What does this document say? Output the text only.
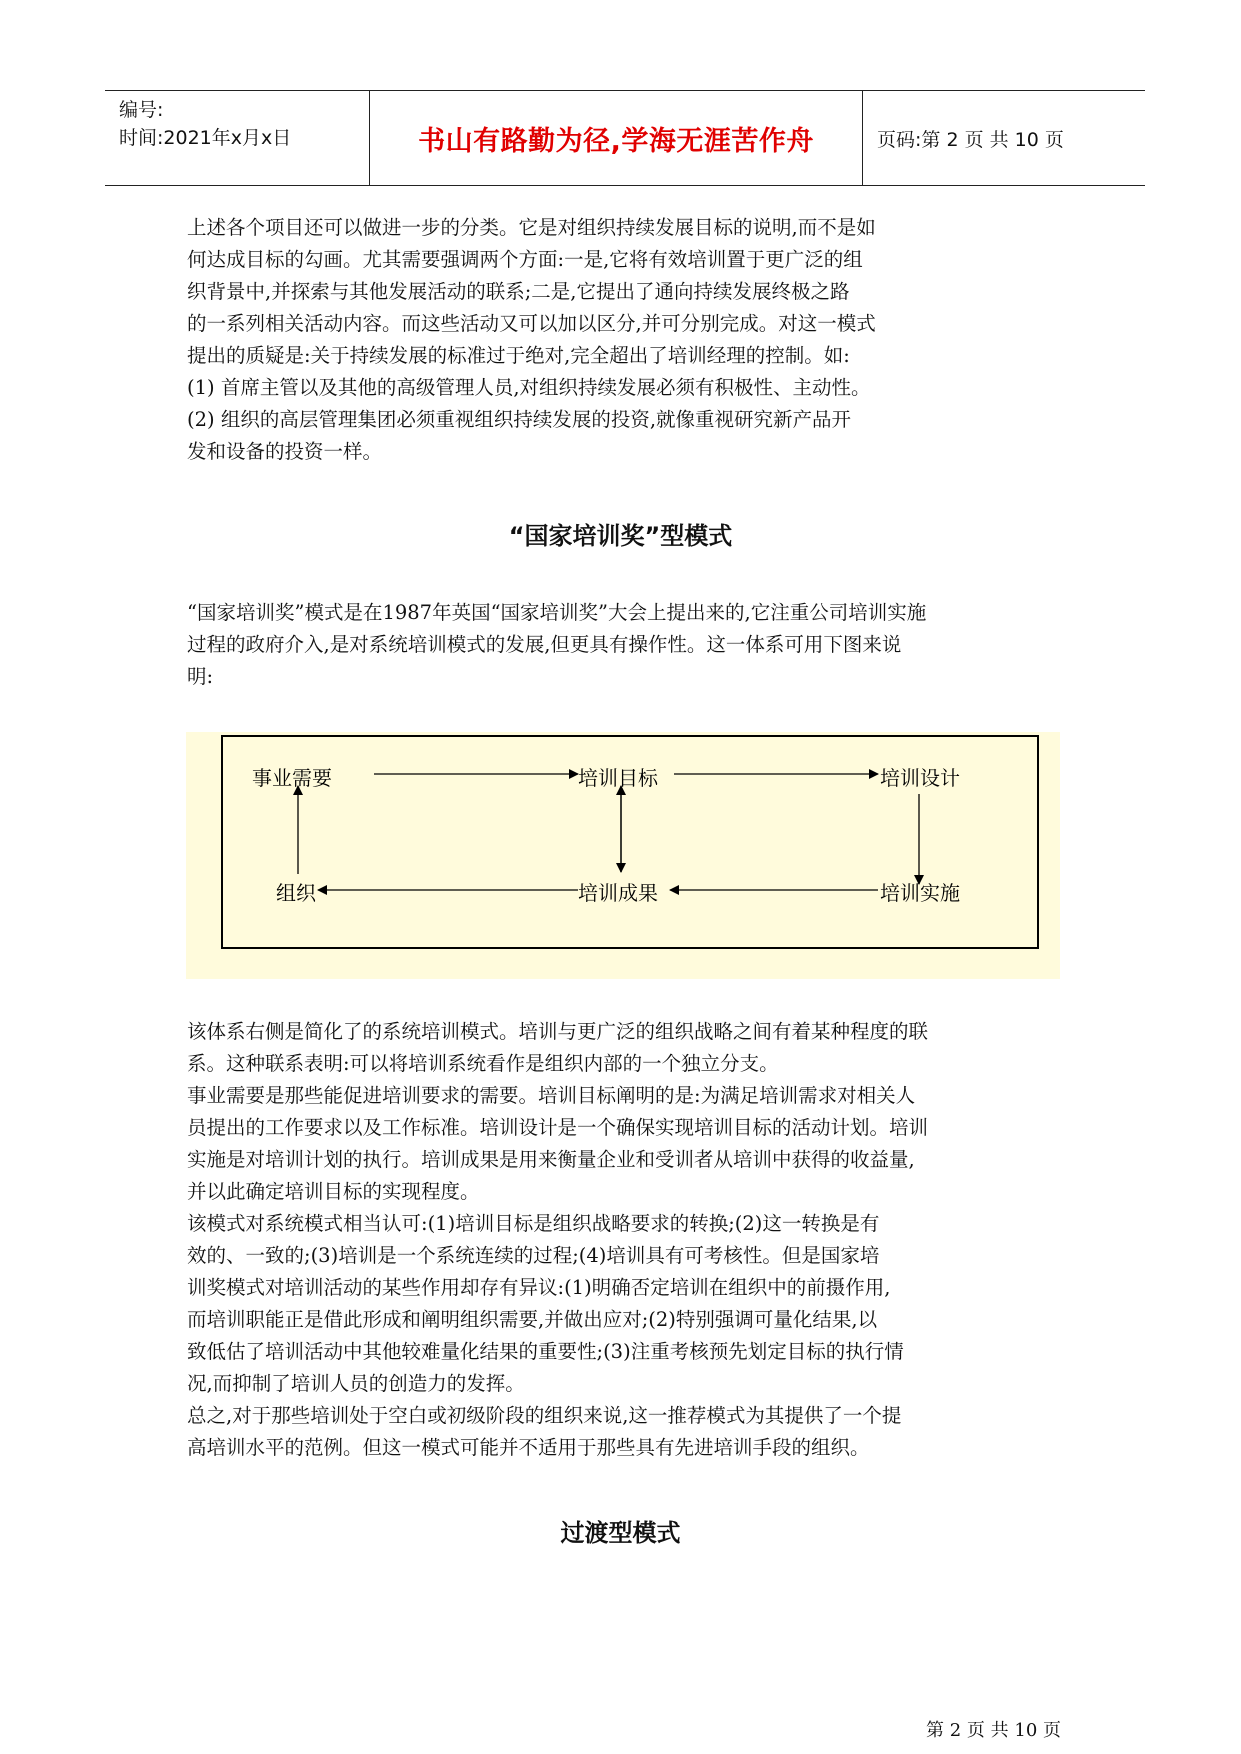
编号:
时间:2021年x月x日	书山有路勤为径,学海无涯苦作舟	页码:第 2 页 共 10 页
上述各个项目还可以做进一步的分类。它是对组织持续发展目标的说明,而不是如
何达成目标的勾画。尤其需要强调两个方面:一是,它将有效培训置于更广泛的组
织背景中,并探索与其他发展活动的联系;二是,它提出了通向持续发展终极之路
的一系列相关活动内容。而这些活动又可以加以区分,并可分别完成。对这一模式
提出的质疑是:关于持续发展的标准过于绝对,完全超出了培训经理的控制。如:
(1) 首席主管以及其他的高级管理人员,对组织持续发展必须有积极性、主动性。
(2) 组织的高层管理集团必须重视组织持续发展的投资,就像重视研究新产品开
发和设备的投资一样。
“国家培训奖”型模式
“国家培训奖”模式是在1987年英国“国家培训奖”大会上提出来的,它注重公司培训实施
过程的政府介入,是对系统培训模式的发展,但更具有操作性。这一体系可用下图来说
明:
事业需要	培训目标	培训设计
组织	培训成果	培训实施
该体系右侧是简化了的系统培训模式。培训与更广泛的组织战略之间有着某种程度的联
系。这种联系表明:可以将培训系统看作是组织内部的一个独立分支。
事业需要是那些能促进培训要求的需要。培训目标阐明的是:为满足培训需求对相关人
员提出的工作要求以及工作标准。培训设计是一个确保实现培训目标的活动计划。培训
实施是对培训计划的执行。培训成果是用来衡量企业和受训者从培训中获得的收益量,
并以此确定培训目标的实现程度。
该模式对系统模式相当认可:(1)培训目标是组织战略要求的转换;(2)这一转换是有
效的、一致的;(3)培训是一个系统连续的过程;(4)培训具有可考核性。但是国家培
训奖模式对培训活动的某些作用却存有异议:(1)明确否定培训在组织中的前摄作用,
而培训职能正是借此形成和阐明组织需要,并做出应对;(2)特别强调可量化结果,以
致低估了培训活动中其他较难量化结果的重要性;(3)注重考核预先划定目标的执行情
况,而抑制了培训人员的创造力的发挥。
总之,对于那些培训处于空白或初级阶段的组织来说,这一推荐模式为其提供了一个提
高培训水平的范例。但这一模式可能并不适用于那些具有先进培训手段的组织。
过渡型模式
第 2 页 共 10 页
